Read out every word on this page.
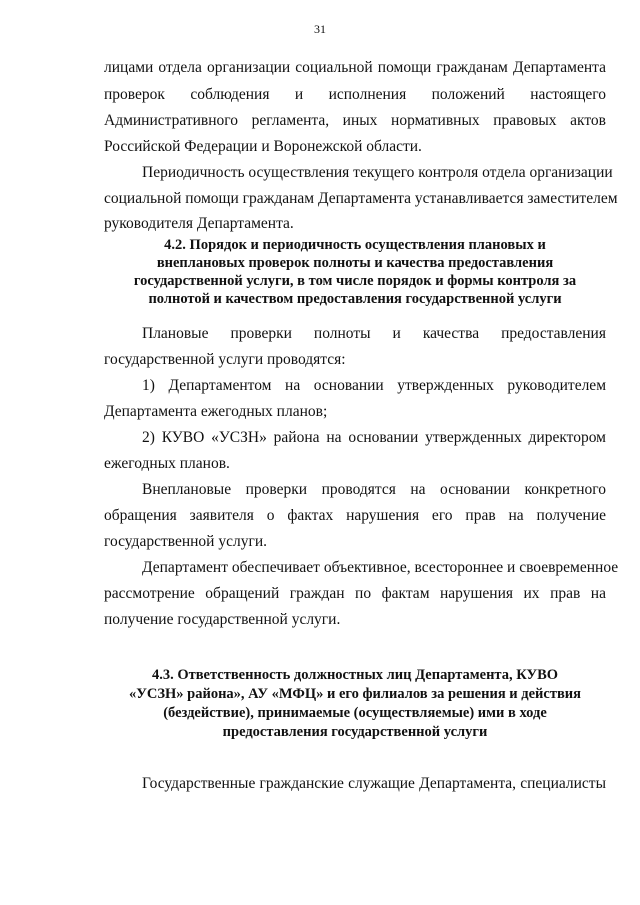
31
лицами отдела организации социальной помощи гражданам Департамента
проверок соблюдения и исполнения положений настоящего
Административного регламента, иных нормативных правовых актов
Российской Федерации и Воронежской области.
Периодичность осуществления текущего контроля отдела организации
социальной помощи гражданам Департамента устанавливается заместителем
руководителя Департамента.
4.2. Порядок и периодичность осуществления плановых и
внеплановых проверок полноты и качества предоставления
государственной услуги, в том числе порядок и формы контроля за
полнотой и качеством предоставления государственной услуги
Плановые проверки полноты и качества предоставления
государственной услуги проводятся:
1) Департаментом на основании утвержденных руководителем
Департамента ежегодных планов;
2) КУВО «УСЗН» района на основании утвержденных директором
ежегодных планов.
Внеплановые проверки проводятся на основании конкретного
обращения заявителя о фактах нарушения его прав на получение
государственной услуги.
Департамент обеспечивает объективное, всестороннее и своевременное
рассмотрение обращений граждан по фактам нарушения их прав на
получение государственной услуги.
4.3. Ответственность должностных лиц Департамента, КУВО
«УСЗН» района», АУ «МФЦ» и его филиалов за решения и действия
(бездействие), принимаемые (осуществляемые) ими в ходе
предоставления государственной услуги
Государственные гражданские служащие Департамента, специалисты
